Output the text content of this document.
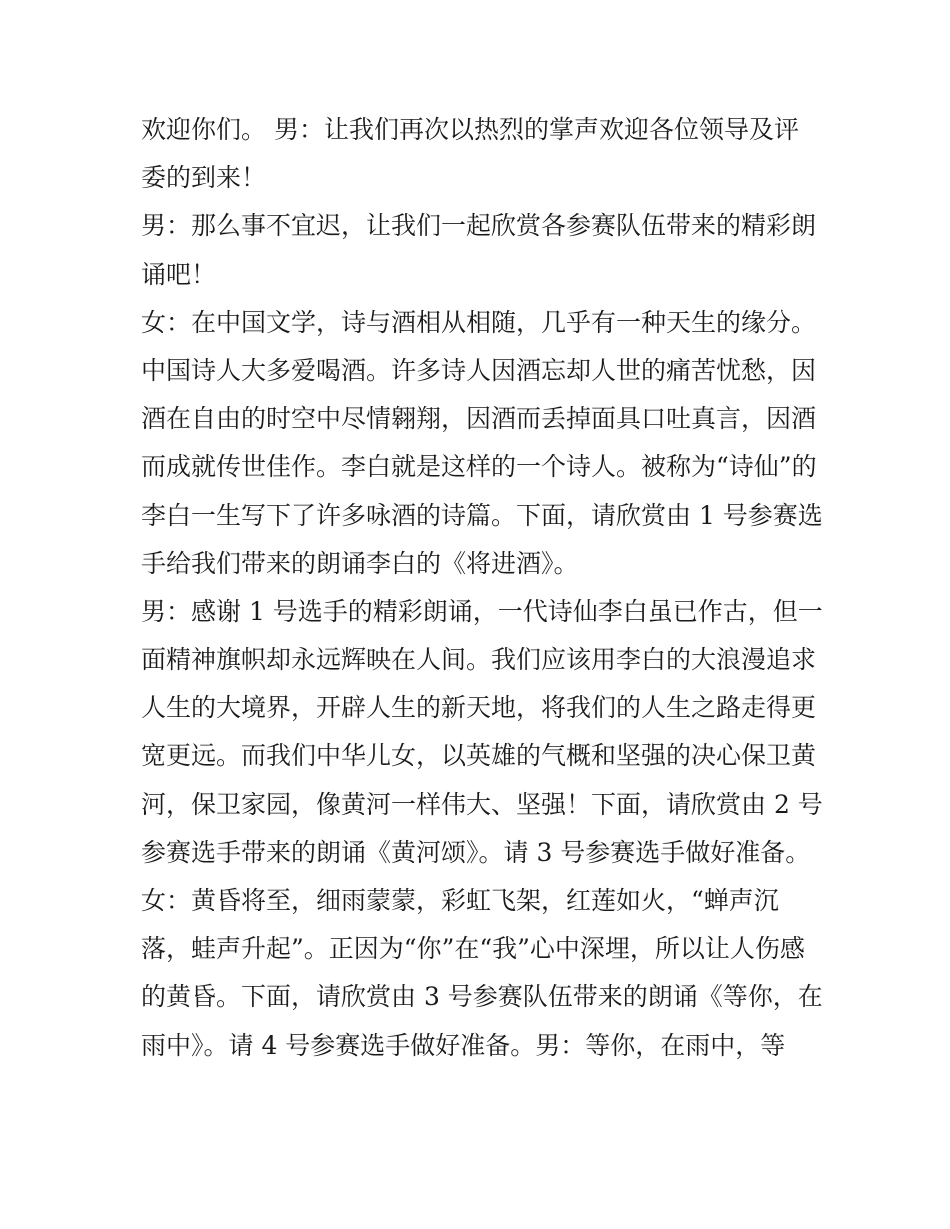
欢迎你们。 男：让我们再次以热烈的掌声欢迎各位领导及评
委的到来！
男：那么事不宜迟，让我们一起欣赏各参赛队伍带来的精彩朗
诵吧！
女：在中国文学，诗与酒相从相随，几乎有一种天生的缘分。
中国诗人大多爱喝酒。许多诗人因酒忘却人世的痛苦忧愁，因
酒在自由的时空中尽情翱翔，因酒而丢掉面具口吐真言，因酒
而成就传世佳作。李白就是这样的一个诗人。被称为“诗仙”的
李白一生写下了许多咏酒的诗篇。下面，请欣赏由 1 号参赛选
手给我们带来的朗诵李白的《将进酒》。
男：感谢 1 号选手的精彩朗诵，一代诗仙李白虽已作古，但一
面精神旗帜却永远辉映在人间。我们应该用李白的大浪漫追求
人生的大境界，开辟人生的新天地，将我们的人生之路走得更
宽更远。而我们中华儿女，以英雄的气概和坚强的决心保卫黄
河，保卫家园，像黄河一样伟大、坚强！下面，请欣赏由 2 号
参赛选手带来的朗诵《黄河颂》。请 3 号参赛选手做好准备。
女：黄昏将至，细雨蒙蒙，彩虹飞架，红莲如火，“蝉声沉
落，蛙声升起”。正因为“你”在“我”心中深埋，所以让人伤感
的黄昏。下面，请欣赏由 3 号参赛队伍带来的朗诵《等你，在
雨中》。请 4 号参赛选手做好准备。男：等你，在雨中，等
